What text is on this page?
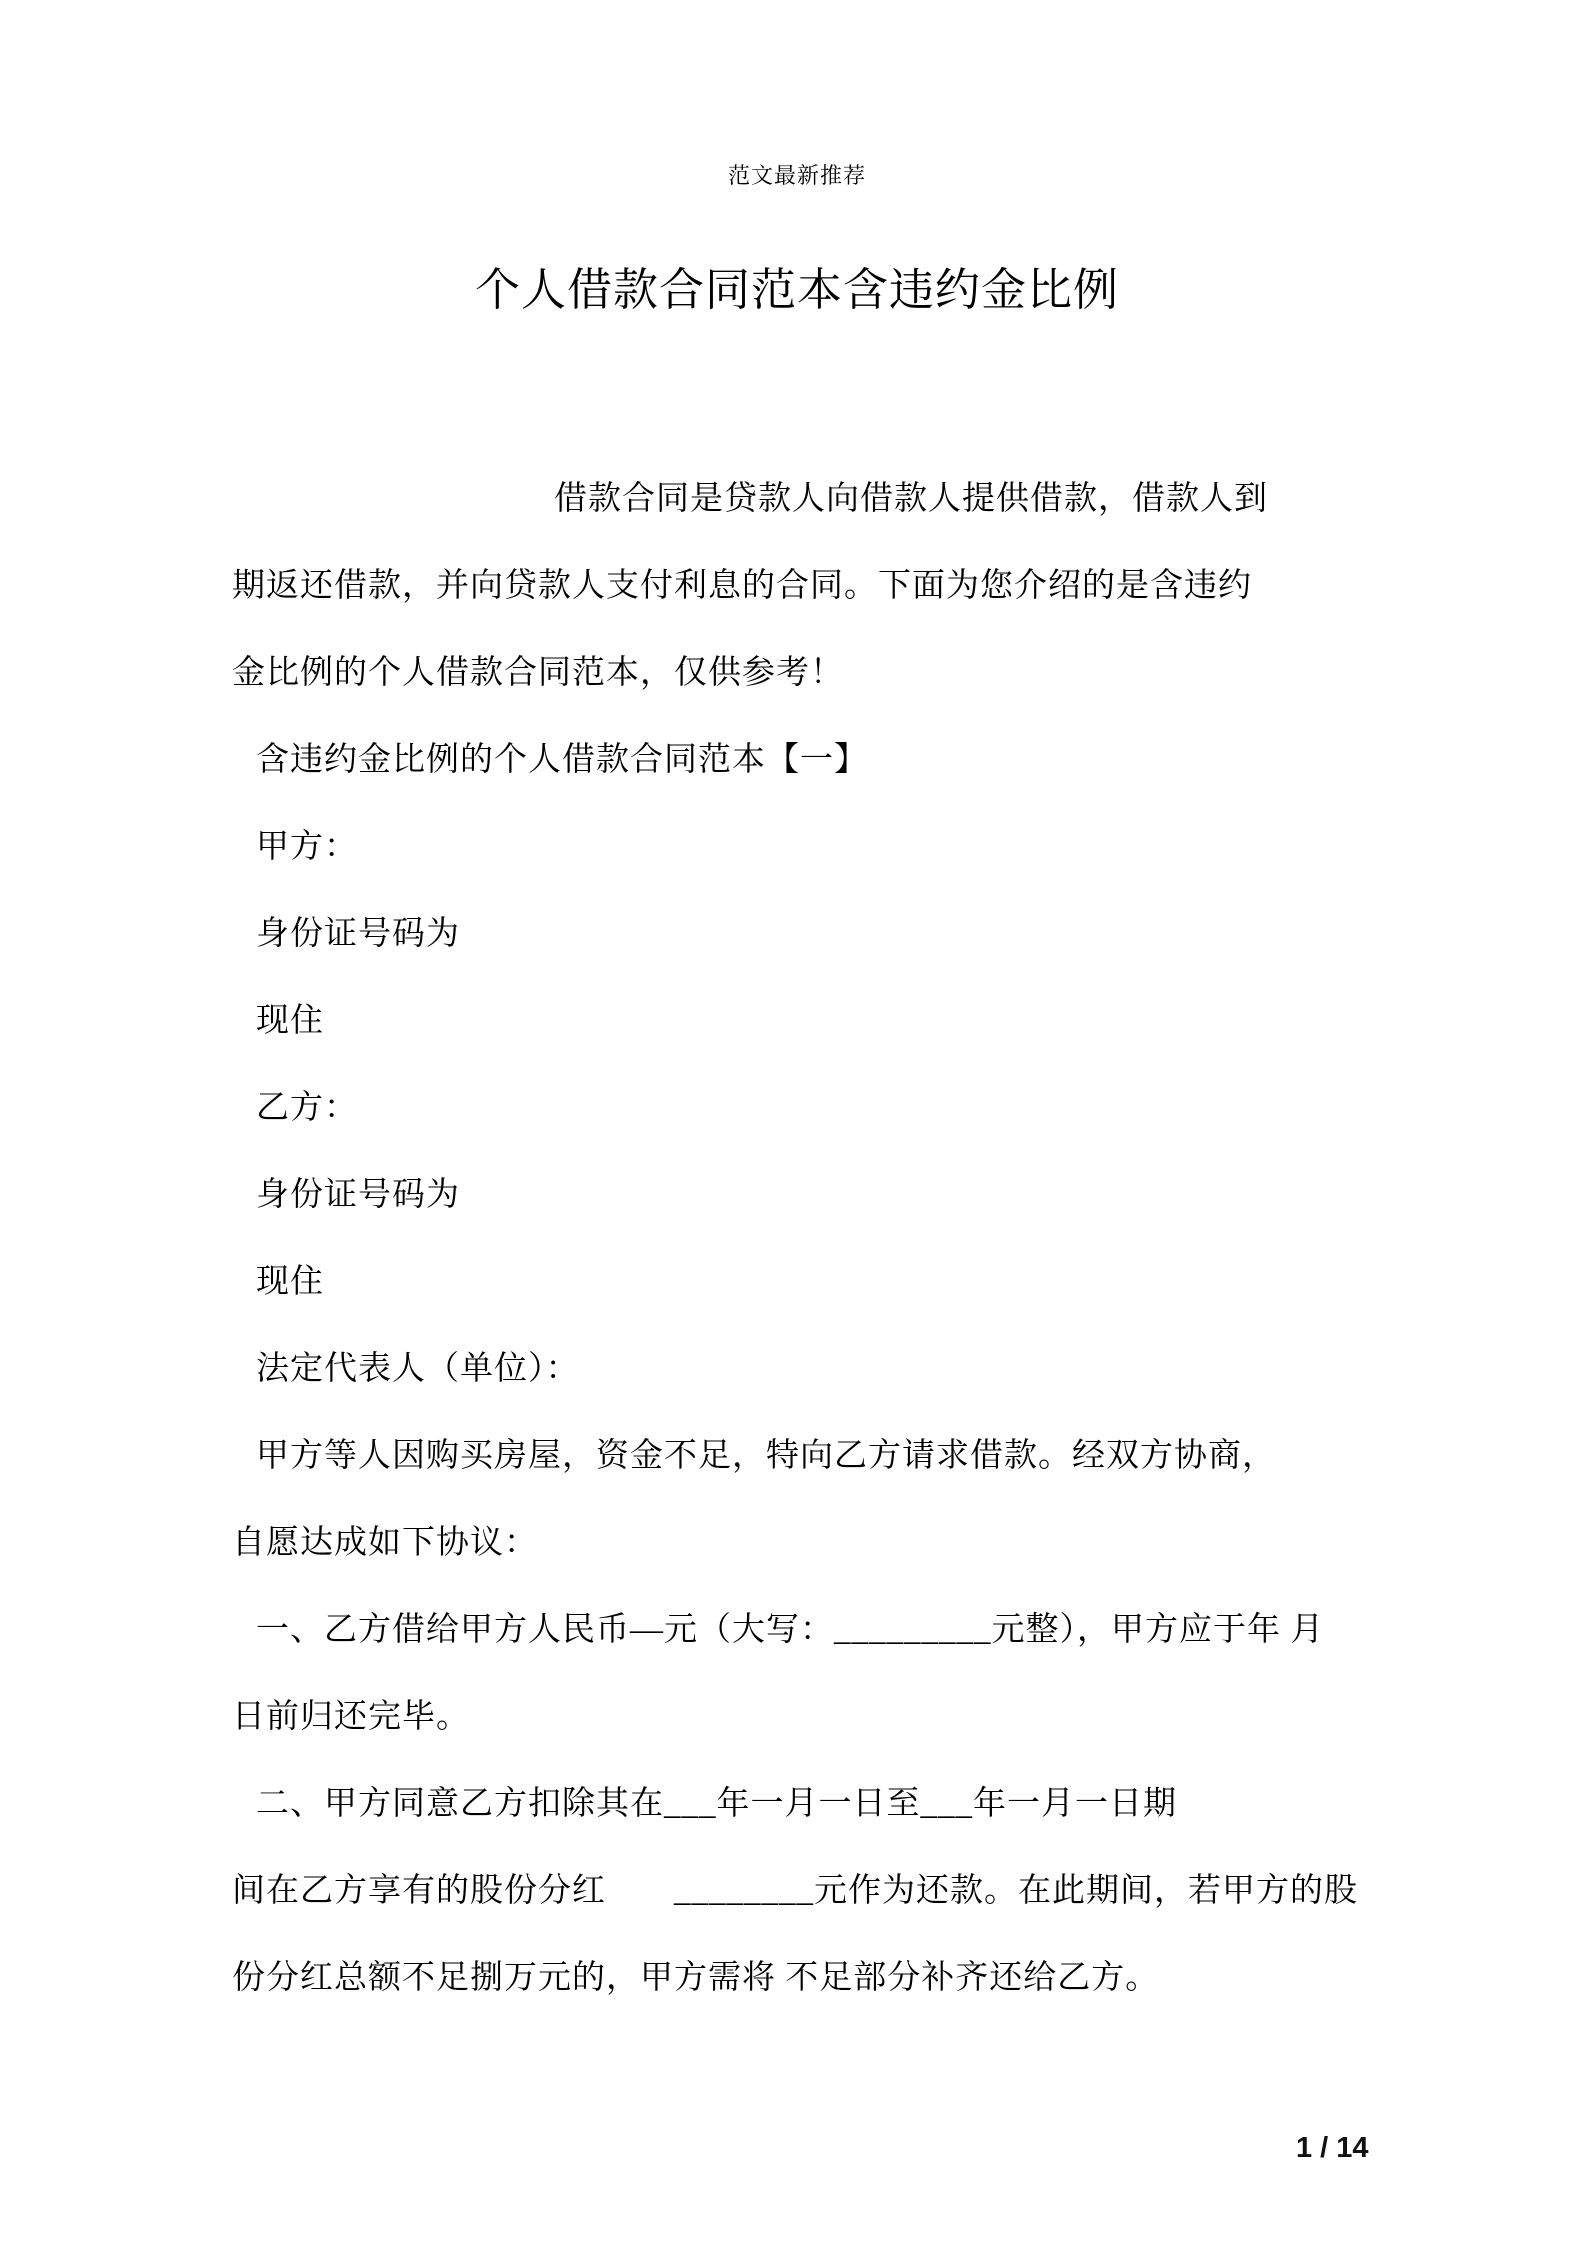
范文最新推荐
个人借款合同范本含违约金比例
借款合同是贷款人向借款人提供借款，借款人到
期返还借款，并向贷款人支付利息的合同。下面为您介绍的是含违约
金比例的个人借款合同范本，仅供参考！
含违约金比例的个人借款合同范本【一】
甲方：
身份证号码为
现住
乙方：
身份证号码为
现住
法定代表人（单位）：
甲方等人因购买房屋，资金不足，特向乙方请求借款。经双方协商，
自愿达成如下协议：
一、乙方借给甲方人民币—元（大写：_________元整），甲方应于年 月
日前归还完毕。
二、甲方同意乙方扣除其在___年一月一日至___年一月一日期
间在乙方享有的股份分红　　________元作为还款。在此期间，若甲方的股
份分红总额不足捌万元的，甲方需将 不足部分补齐还给乙方。
1 / 14
